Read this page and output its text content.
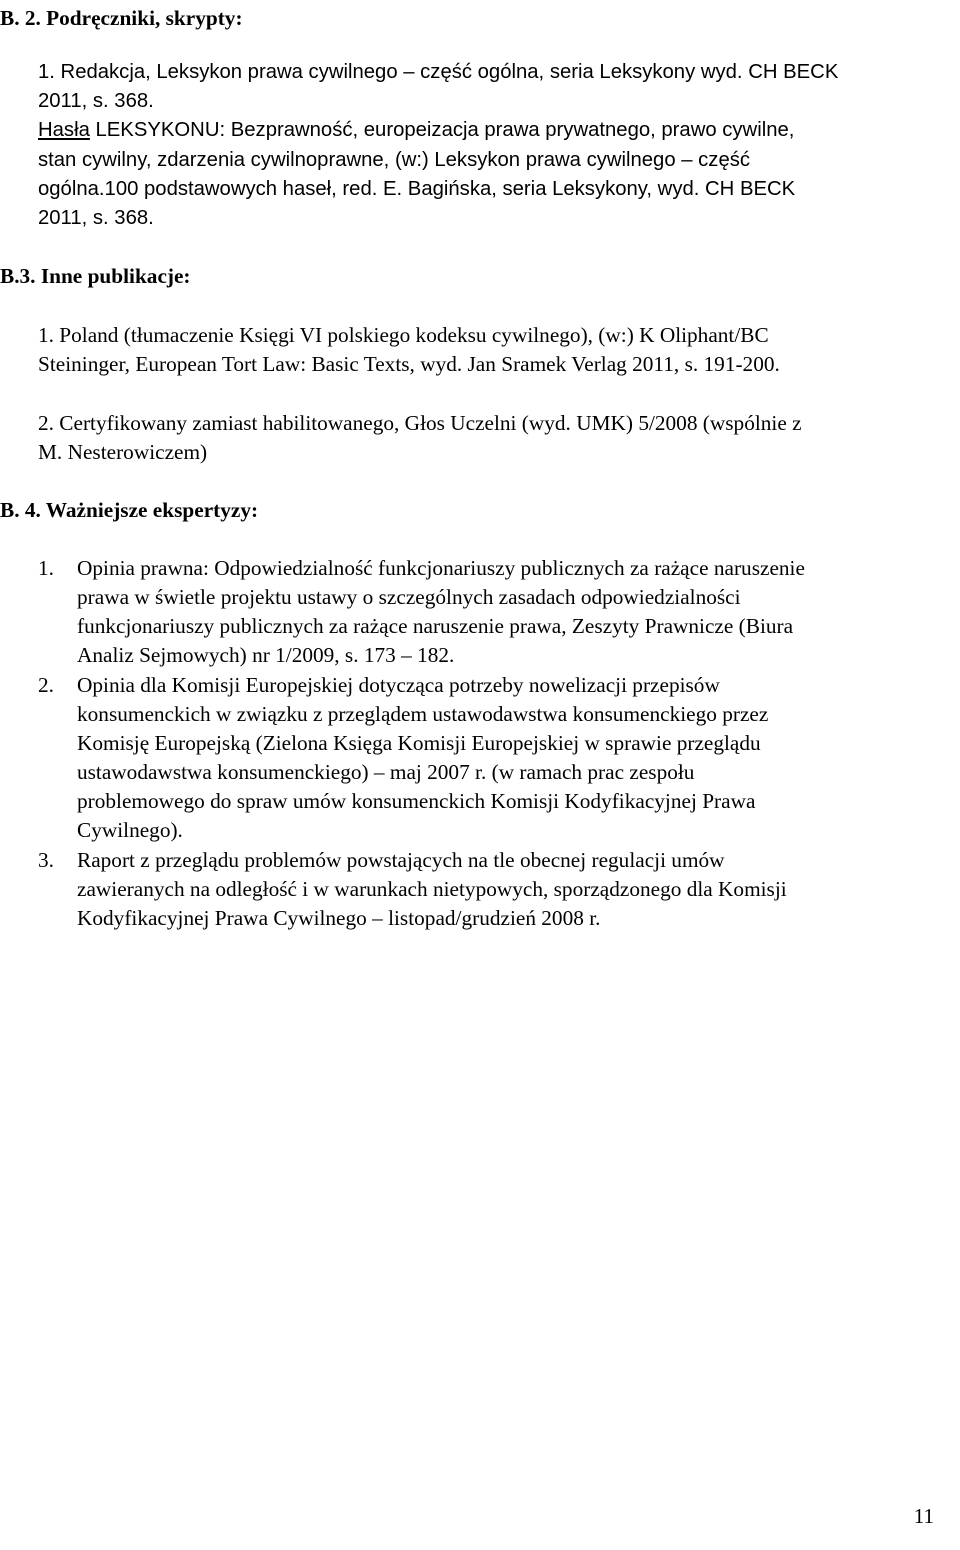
B. 2. Podręczniki, skrypty:
1. Redakcja, Leksykon prawa cywilnego – część ogólna, seria Leksykony wyd. CH BECK
2011, s. 368.
Hasła LEKSYKONU: Bezprawność, europeizacja prawa prywatnego, prawo cywilne,
stan cywilny, zdarzenia cywilnoprawne, (w:) Leksykon prawa cywilnego – część
ogólna.100 podstawowych haseł, red. E. Bagińska, seria Leksykony, wyd. CH BECK
2011, s. 368.
B.3. Inne publikacje:
1. Poland (tłumaczenie Księgi VI polskiego kodeksu cywilnego), (w:) K Oliphant/BC
Steininger, European Tort Law: Basic Texts, wyd. Jan Sramek Verlag 2011, s. 191-200.
2. Certyfikowany zamiast habilitowanego, Głos Uczelni (wyd. UMK) 5/2008 (wspólnie z
M. Nesterowiczem)
B. 4. Ważniejsze ekspertyzy:
1. Opinia prawna: Odpowiedzialność funkcjonariuszy publicznych za rażące naruszenie
prawa w świetle projektu ustawy o szczególnych zasadach odpowiedzialności
funkcjonariuszy publicznych za rażące naruszenie prawa, Zeszyty Prawnicze (Biura
Analiz Sejmowych) nr 1/2009, s. 173 – 182.
2. Opinia dla Komisji Europejskiej dotycząca potrzeby nowelizacji przepisów
konsumenckich w związku z przeglądem ustawodawstwa konsumenckiego przez
Komisję Europejską (Zielona Księga Komisji Europejskiej w sprawie przeglądu
ustawodawstwa konsumenckiego) – maj 2007 r. (w ramach prac zespołu
problemowego do spraw umów konsumenckich Komisji Kodyfikacyjnej Prawa
Cywilnego).
3. Raport z przeglądu problemów powstających na tle obecnej regulacji umów
zawieranych na odległość i w warunkach nietypowych, sporządzonego dla Komisji
Kodyfikacyjnej Prawa Cywilnego – listopad/grudzień 2008 r.
11
